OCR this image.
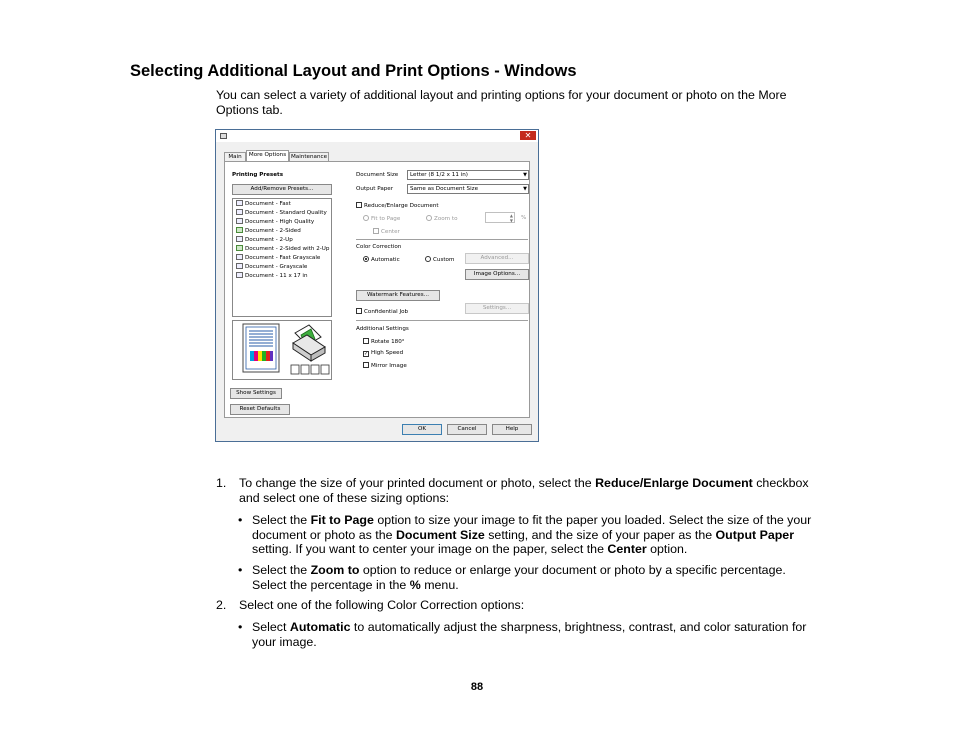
Selecting Additional Layout and Print Options - Windows

You can select a variety of additional layout and printing options for your document or photo on the More Options tab.

✕
Main	More Options Maintenance
Printing Presets
Add/Remove Presets...
Document - Fast
Document - Standard Quality
Document - High Quality
Document - 2-Sided
Document - 2-Up
Document - 2-Sided with 2-Up
Document - Fast Grayscale
Document - Grayscale
Document - 11 x 17 in
Show Settings
Reset Defaults
Document Size	Letter (8 1/2 x 11 in)	▼
Output Paper	Same as Document Size	▼
Reduce/Enlarge Document
Fit to Page	Zoom to
▲
▼ %
Center
Color Correction
Automatic	Custom	Advanced...
Image Options...
Watermark Features...
Confidential Job
Settings...
Additional Settings
Rotate 180°
✓ High Speed
Mirror Image
OK	Cancel	Help
1. To change the size of your printed document or photo, select the Reduce/Enlarge Document checkbox and select one of these sizing options:
• Select the Fit to Page option to size your image to fit the paper you loaded. Select the size of the your document or photo as the Document Size setting, and the size of your paper as the Output Paper setting. If you want to center your image on the paper, select the Center option.
• Select the Zoom to option to reduce or enlarge your document or photo by a specific percentage. Select the percentage in the % menu.
2. Select one of the following Color Correction options:
• Select Automatic to automatically adjust the sharpness, brightness, contrast, and color saturation for your image.
88
